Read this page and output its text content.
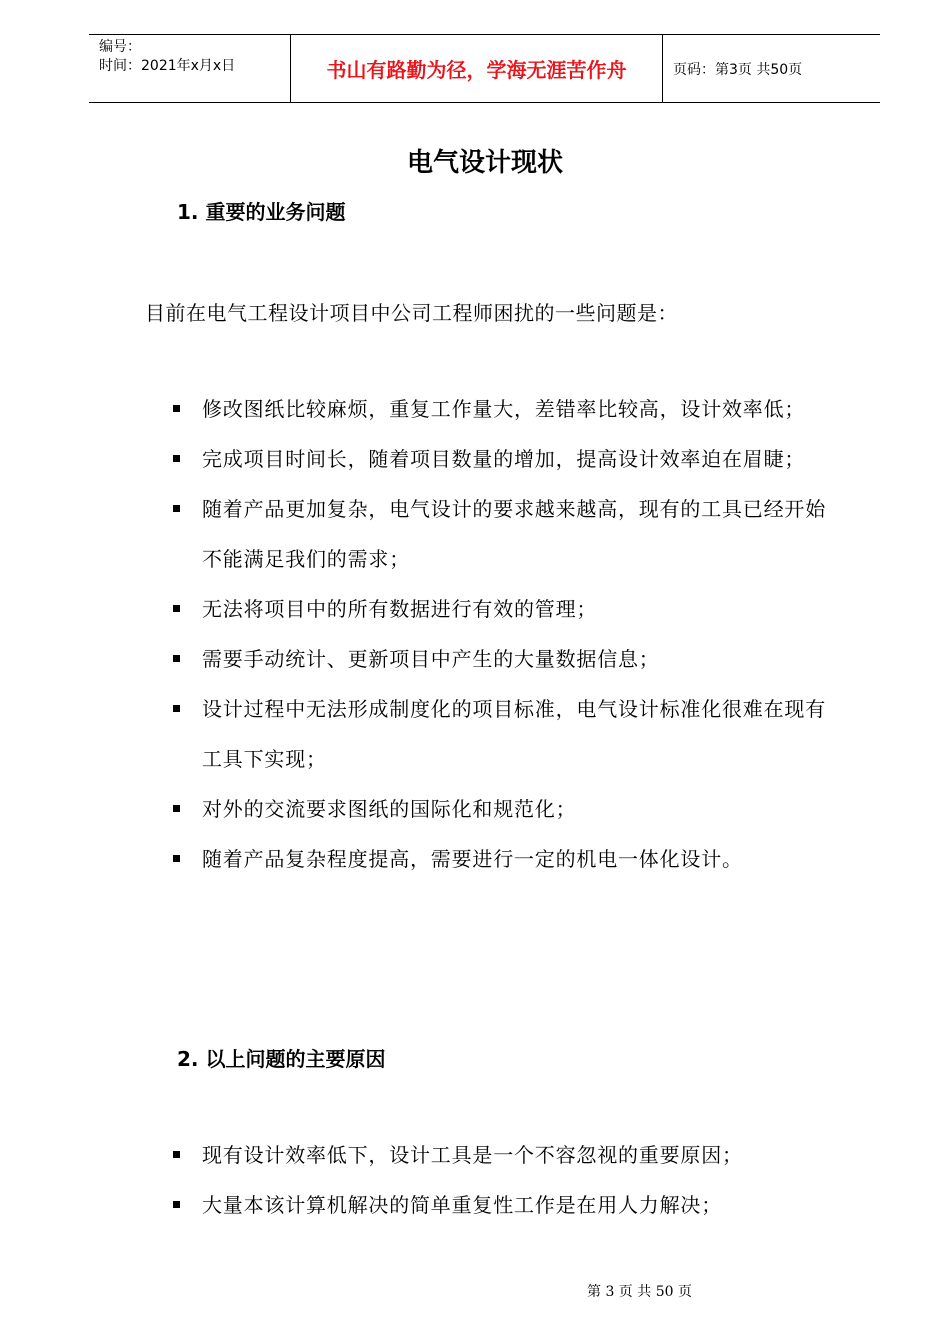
编号：
时间：2021年x月x日	书山有路勤为径，学海无涯苦作舟	页码：第3页 共50页
电气设计现状
1. 重要的业务问题
目前在电气工程设计项目中公司工程师困扰的一些问题是：
修改图纸比较麻烦，重复工作量大，差错率比较高，设计效率低；
完成项目时间长，随着项目数量的增加，提高设计效率迫在眉睫；
随着产品更加复杂，电气设计的要求越来越高，现有的工具已经开始不能满足我们的需求；
无法将项目中的所有数据进行有效的管理；
需要手动统计、更新项目中产生的大量数据信息；
设计过程中无法形成制度化的项目标准，电气设计标准化很难在现有工具下实现；
对外的交流要求图纸的国际化和规范化；
随着产品复杂程度提高，需要进行一定的机电一体化设计。
2. 以上问题的主要原因
现有设计效率低下，设计工具是一个不容忽视的重要原因；
大量本该计算机解决的简单重复性工作是在用人力解决；
第 3 页 共 50 页
